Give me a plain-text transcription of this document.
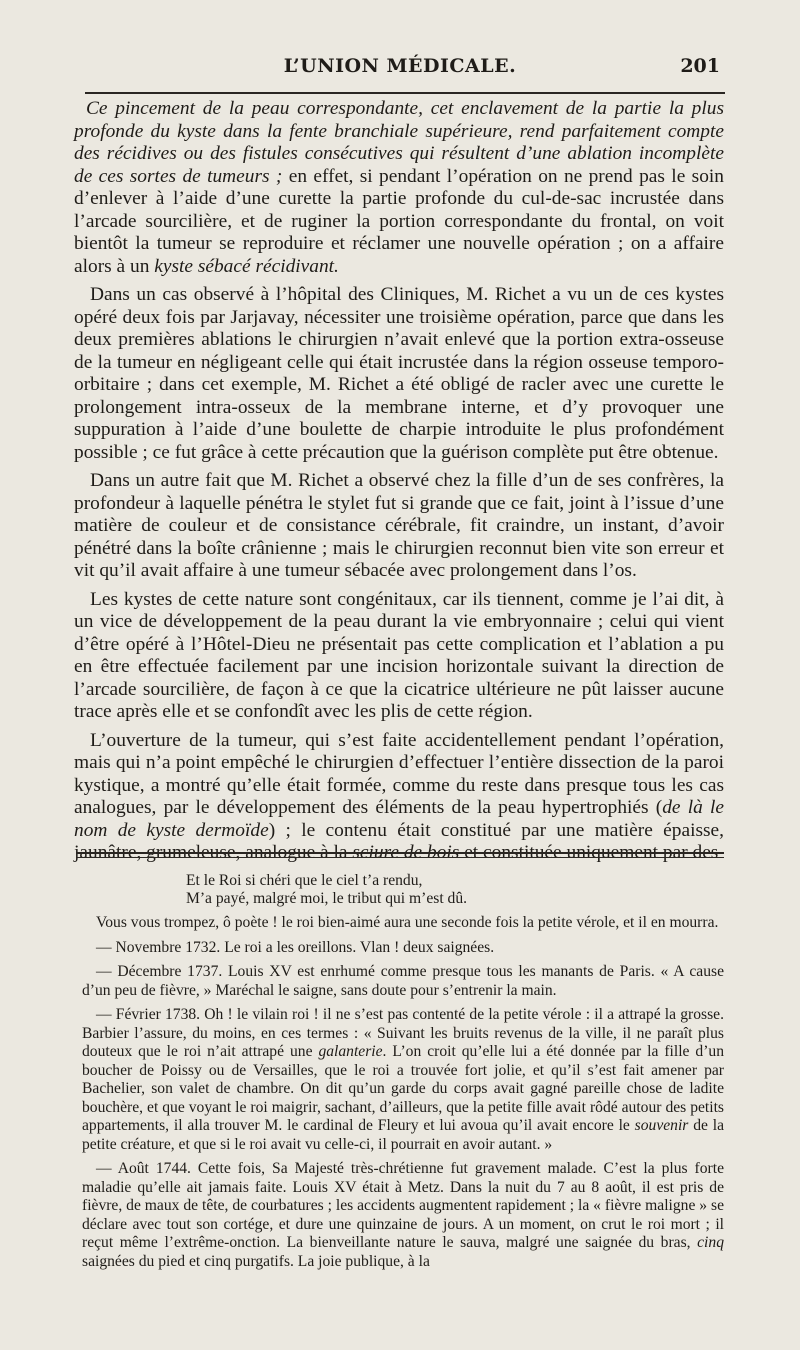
L’UNION MÉDICALE.	201

Ce pincement de la peau correspondante, cet enclavement de la partie la plus profonde du kyste dans la fente branchiale supérieure, rend parfaitement compte des récidives ou des fistules consécutives qui résultent d’une ablation incomplète de ces sortes de tumeurs ; en effet, si pendant l’opération on ne prend pas le soin d’enlever à l’aide d’une curette la partie profonde du cul-de-sac incrustée dans l’arcade sourcilière, et de ruginer la portion correspondante du frontal, on voit bientôt la tumeur se reproduire et réclamer une nouvelle opération ; on a affaire alors à un kyste sébacé récidivant.

Dans un cas observé à l’hôpital des Cliniques, M. Richet a vu un de ces kystes opéré deux fois par Jarjavay, nécessiter une troisième opération, parce que dans les deux premières ablations le chirurgien n’avait enlevé que la portion extra-osseuse de la tumeur en négligeant celle qui était incrustée dans la région osseuse temporo-orbitaire ; dans cet exemple, M. Richet a été obligé de racler avec une curette le prolongement intra-osseux de la membrane interne, et d’y provoquer une suppuration à l’aide d’une boulette de charpie introduite le plus profondément possible ; ce fut grâce à cette précaution que la guérison complète put être obtenue.

Dans un autre fait que M. Richet a observé chez la fille d’un de ses confrères, la profondeur à laquelle pénétra le stylet fut si grande que ce fait, joint à l’issue d’une matière de couleur et de consistance cérébrale, fit craindre, un instant, d’avoir pénétré dans la boîte crânienne ; mais le chirurgien reconnut bien vite son erreur et vit qu’il avait affaire à une tumeur sébacée avec prolongement dans l’os.

Les kystes de cette nature sont congénitaux, car ils tiennent, comme je l’ai dit, à un vice de développement de la peau durant la vie embryonnaire ; celui qui vient d’être opéré à l’Hôtel-Dieu ne présentait pas cette complication et l’ablation a pu en être effectuée facilement par une incision horizontale suivant la direction de l’arcade sourcilière, de façon à ce que la cicatrice ultérieure ne pût laisser aucune trace après elle et se confondît avec les plis de cette région.

L’ouverture de la tumeur, qui s’est faite accidentellement pendant l’opération, mais qui n’a point empêché le chirurgien d’effectuer l’entière dissection de la paroi kystique, a montré qu’elle était formée, comme du reste dans presque tous les cas analogues, par le développement des éléments de la peau hypertrophiés (de là le nom de kyste dermoïde) ; le contenu était constitué par une matière épaisse, jaunâtre, grumeleuse, analogue à la sciure de bois et constituée uniquement par des

Et le Roi si chéri que le ciel t’a rendu,
M’a payé, malgré moi, le tribut qui m’est dû.

Vous vous trompez, ô poète ! le roi bien-aimé aura une seconde fois la petite vérole, et il en mourra.

— Novembre 1732. Le roi a les oreillons. Vlan ! deux saignées.

— Décembre 1737. Louis XV est enrhumé comme presque tous les manants de Paris. « A cause d’un peu de fièvre, » Maréchal le saigne, sans doute pour s’entrenir la main.

— Février 1738. Oh ! le vilain roi ! il ne s’est pas contenté de la petite vérole : il a attrapé la grosse. Barbier l’assure, du moins, en ces termes : « Suivant les bruits revenus de la ville, il ne paraît plus douteux que le roi n’ait attrapé une galanterie. L’on croit qu’elle lui a été donnée par la fille d’un boucher de Poissy ou de Versailles, que le roi a trouvée fort jolie, et qu’il s’est fait amener par Bachelier, son valet de chambre. On dit qu’un garde du corps avait gagné pareille chose de ladite bouchère, et que voyant le roi maigrir, sachant, d’ailleurs, que la petite fille avait rôdé autour des petits appartements, il alla trouver M. le cardinal de Fleury et lui avoua qu’il avait encore le souvenir de la petite créature, et que si le roi avait vu celle-ci, il pourrait en avoir autant. »

— Août 1744. Cette fois, Sa Majesté très-chrétienne fut gravement malade. C’est la plus forte maladie qu’elle ait jamais faite. Louis XV était à Metz. Dans la nuit du 7 au 8 août, il est pris de fièvre, de maux de tête, de courbatures ; les accidents augmentent rapidement ; la « fièvre maligne » se déclare avec tout son cortége, et dure une quinzaine de jours. A un moment, on crut le roi mort ; il reçut même l’extrême-onction. La bienveillante nature le sauva, malgré une saignée du bras, cinq saignées du pied et cinq purgatifs. La joie publique, à la
